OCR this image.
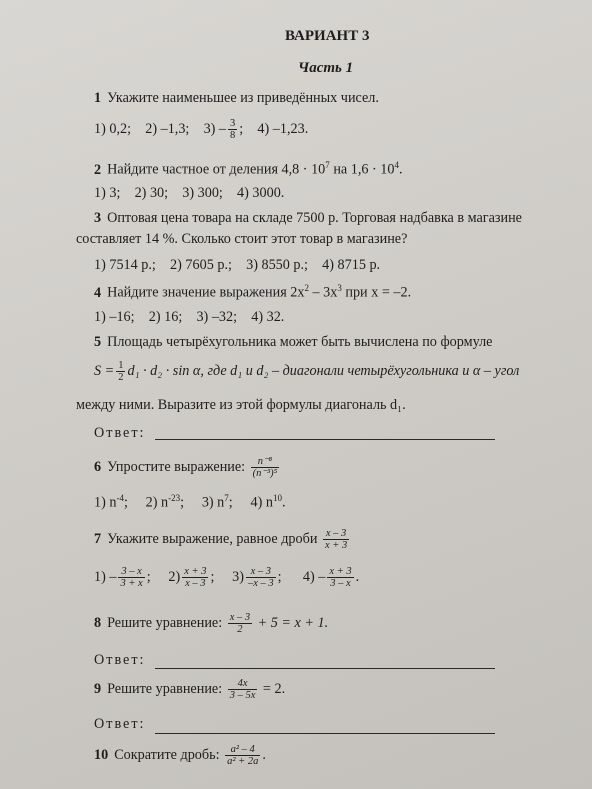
ВАРИАНТ 3
Часть 1
1 Укажите наименьшее из приведённых чисел.
1) 0,2; 2) –1,3; $3) - \frac{3}{8}$ ; 4) –1,23.
2 Найдите частное от деления $4,8 \cdot 10^7$ на $1,6 \cdot 10^4$.
1) 3;    2) 30;    3) 300;    4) 3000.
3 Оптовая цена товара на складе 7500 р. Торговая надбавка в магазине
составляет 14 %. Сколько стоит этот товар в магазине?
1) 7514 р.;    2) 7605 р.;    3) 8550 р.;    4) 8715 р.
4 Найдите значение выражения $2x^2 - 3x^3$ при x = –2.
1) –16;    2) 16;    3) –32;    4) 32.
5 Площадь четырёхугольника может быть вычислена по формуле
$S = \frac{1}{2} d_1 \cdot d_2 \cdot \sin \alpha$, где d₁ и d₂ – диагонали четырёхугольника и α – угол
между ними. Выразите из этой формулы диагональ d₁.
Ответ:
6 Упростите выражение: $\frac{\text{n⁻⁸}}{\text{(n⁻³)⁵}}$
1) $n^{-4}$; 2) $n^{-23}$; 3) $n^7$; 4) $n^{10}$.
7 Укажите выражение, равное дроби $\frac{x - 3}{x + 3}$
$1) - \frac{3 - x}{3 + x}$ ;     $2) \frac{x + 3}{x - 3}$ ;     $3) \frac{x - 3}{-x - 3}$ ;      $4) - \frac{x + 3}{3 - x}$ .
8 Решите уравнение: $\frac{x - 3}{2} + 5 = x + 1$.
Ответ:
9 Решите уравнение: $\frac{4x}{3 - 5x} = 2$.
Ответ:
10 Сократите дробь: $\frac{\text{a² – 4}}{\text{a² + 2a}}$ .
